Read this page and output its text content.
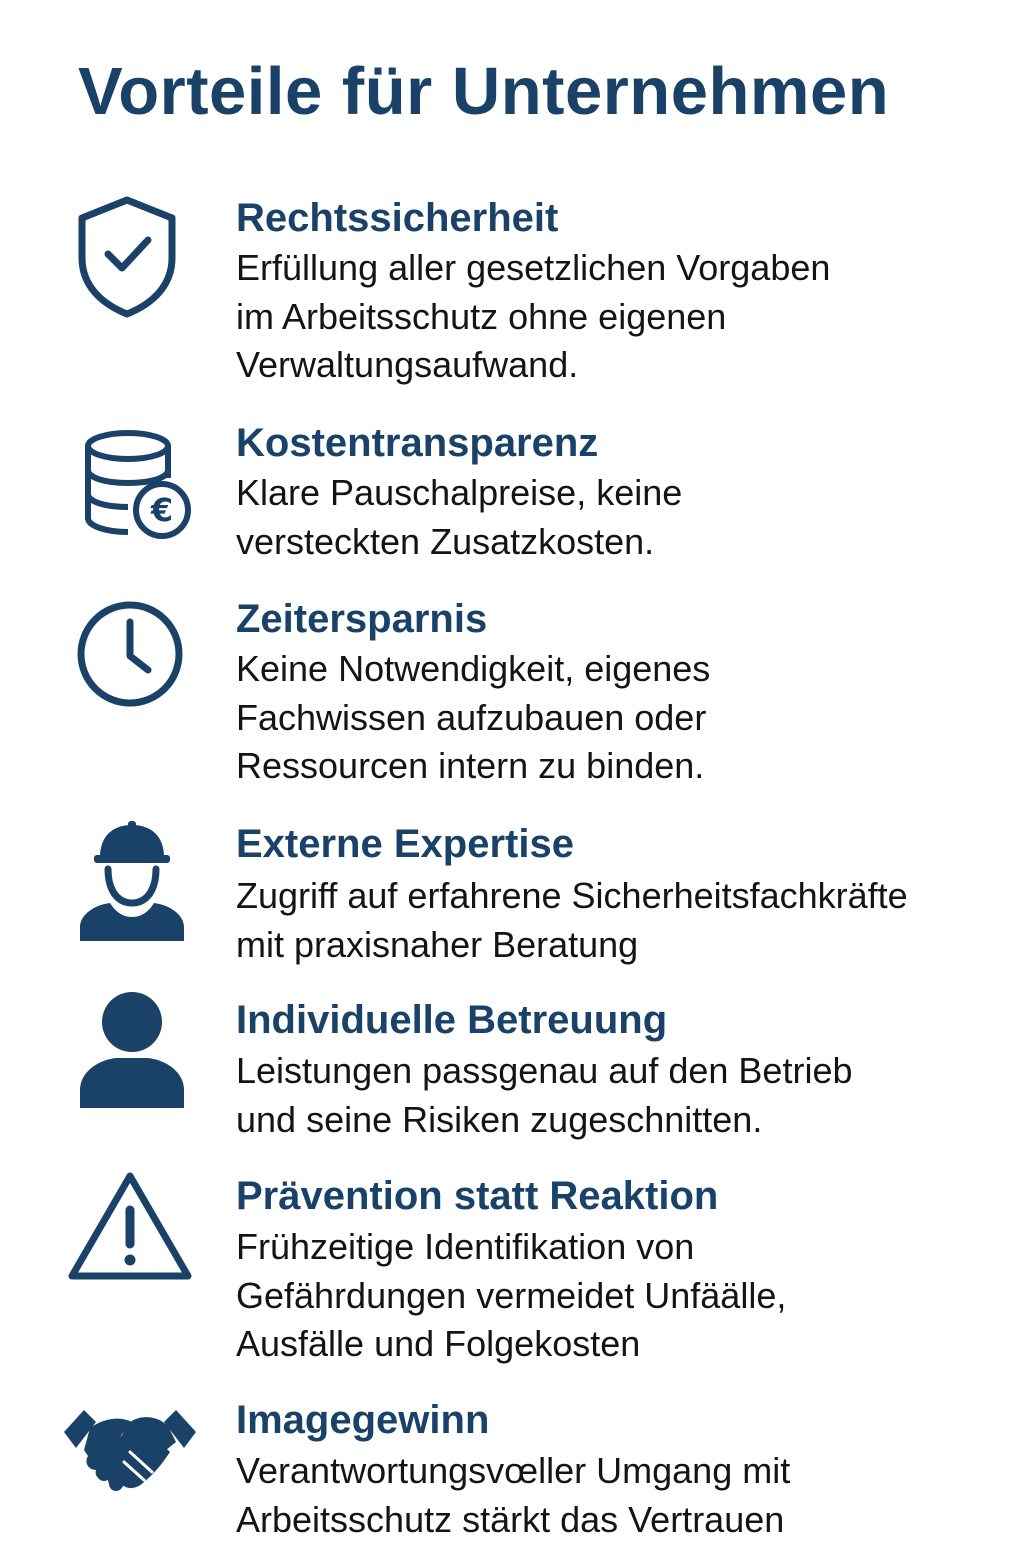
Vorteile für Unternehmen
Rechtssicherheit

Erfüllung aller gesetzlichen Vorgaben
im Arbeitsschutz ohne eigenen
Verwaltungsaufwand.

€
Kostentransparenz

Klare Pauschalpreise, keine
versteckten Zusatzkosten.

Zeitersparnis

Keine Notwendigkeit, eigenes
Fachwissen aufzubauen oder
Ressourcen intern zu binden.

Externe Expertise

Zugriff auf erfahrene Sicherheitsfachkräfte
mit praxisnaher Beratung

Individuelle Betreuung

Leistungen passgenau auf den Betrieb
und seine Risiken zugeschnitten.

Prävention statt Reaktion

Frühzeitige Identifikation von
Gefährdungen vermeidet Unfäälle,
Ausfälle und Folgekosten

Imagegewinn

Verantwortungsvœller Umgang mit
Arbeitsschutz stärkt das Vertrauen
